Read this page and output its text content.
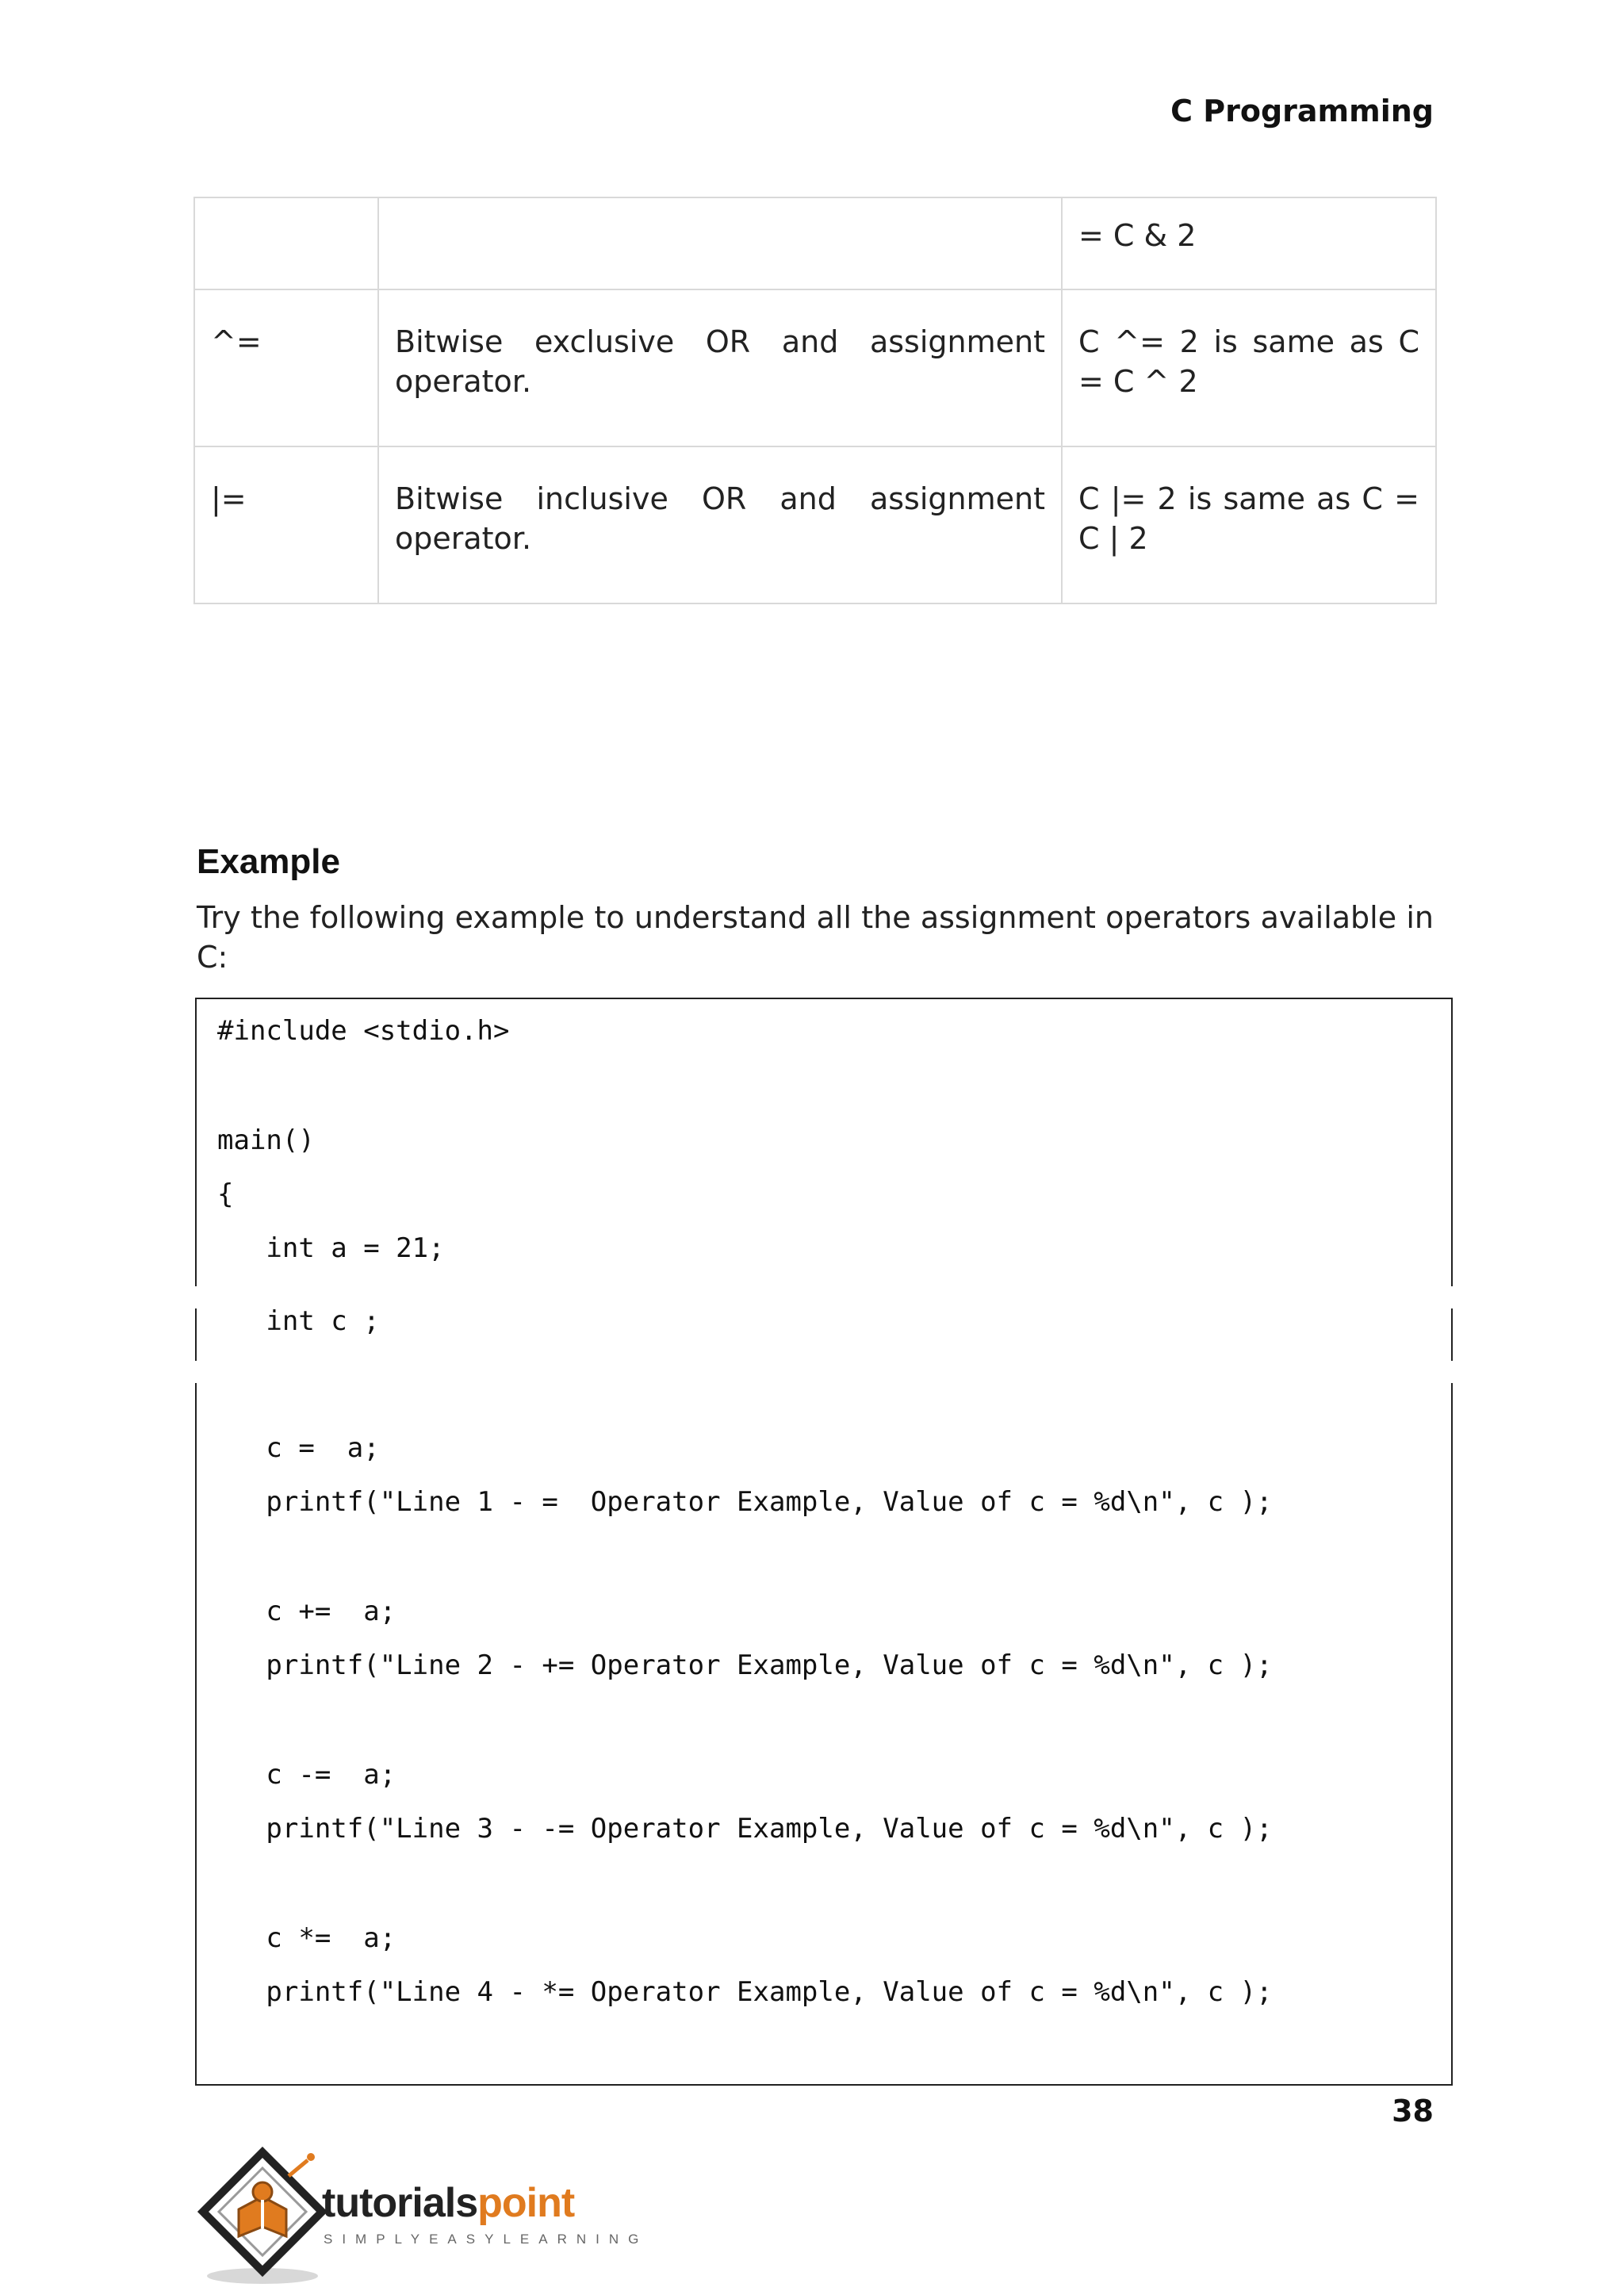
C Programming
		= C & 2
^=	Bitwise exclusive OR and assignment operator.	C ^= 2 is same as C = C ^ 2
|=	Bitwise inclusive OR and assignment operator.	C |= 2 is same as C = C | 2
Example
Try the following example to understand all the assignment operators available in C:
#include <stdio.h>
main()
{
int a = 21;
int c ;
c =  a;
printf("Line 1 - =  Operator Example, Value of c = %d\n", c );
c +=  a;
printf("Line 2 - += Operator Example, Value of c = %d\n", c );
c -=  a;
printf("Line 3 - -= Operator Example, Value of c = %d\n", c );
c *=  a;
printf("Line 4 - *= Operator Example, Value of c = %d\n", c );
38
tutorialspoint
SIMPLYEASYLEARNING
